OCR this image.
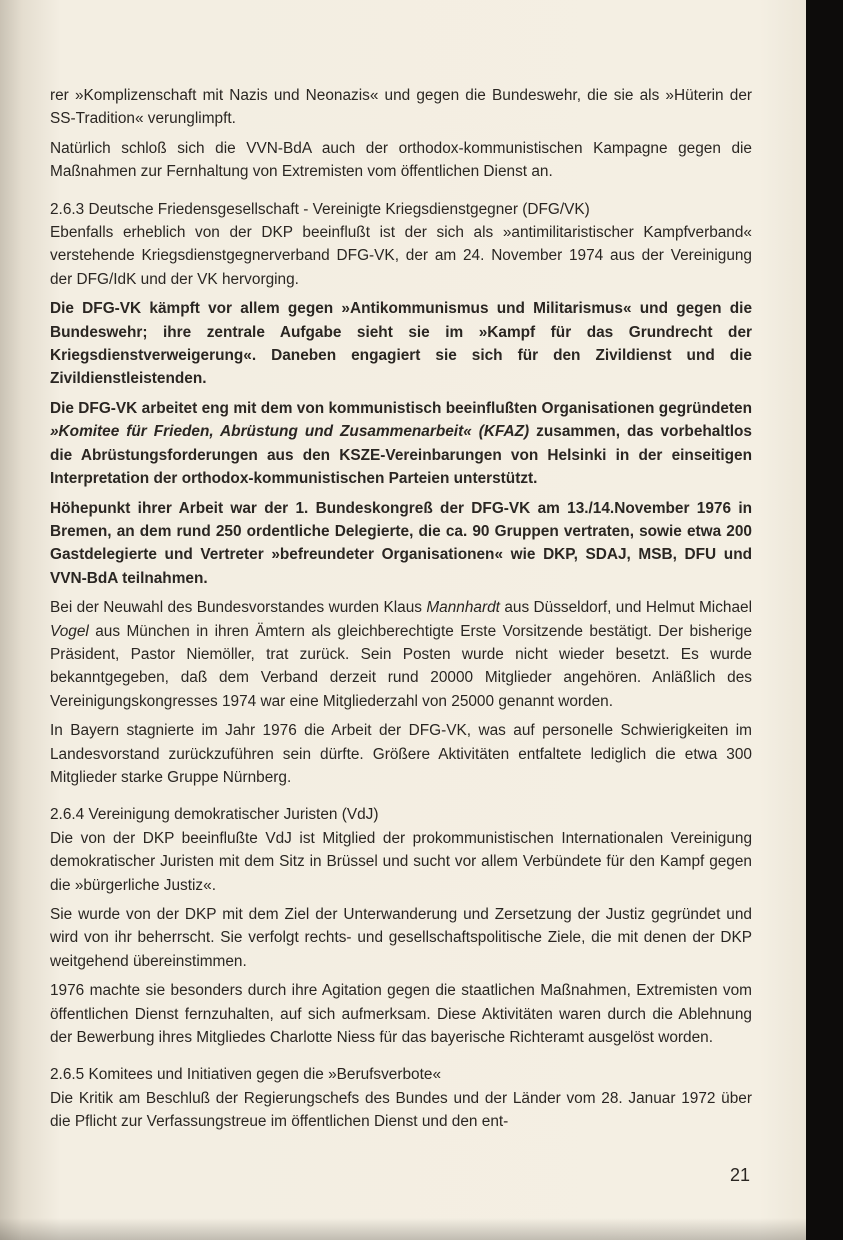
rer »Komplizenschaft mit Nazis und Neonazis« und gegen die Bundeswehr, die sie als »Hüterin der SS-Tradition« verunglimpft.

Natürlich schloß sich die VVN-BdA auch der orthodox-kommunistischen Kampagne gegen die Maßnahmen zur Fernhaltung von Extremisten vom öffentlichen Dienst an.

2.6.3 Deutsche Friedensgesellschaft - Vereinigte Kriegsdienstgegner (DFG/VK)

Ebenfalls erheblich von der DKP beeinflußt ist der sich als »antimilitaristischer Kampfverband« verstehende Kriegsdienstgegnerverband DFG-VK, der am 24. November 1974 aus der Vereinigung der DFG/IdK und der VK hervorging.

Die DFG-VK kämpft vor allem gegen »Antikommunismus und Militarismus« und gegen die Bundeswehr; ihre zentrale Aufgabe sieht sie im »Kampf für das Grundrecht der Kriegsdienstverweigerung«. Daneben engagiert sie sich für den Zivildienst und die Zivildienstleistenden.

Die DFG-VK arbeitet eng mit dem von kommunistisch beeinflußten Organisationen gegründeten »Komitee für Frieden, Abrüstung und Zusammenarbeit« (KFAZ) zusammen, das vorbehaltlos die Abrüstungsforderungen aus den KSZE-Vereinbarungen von Helsinki in der einseitigen Interpretation der orthodox-kommunistischen Parteien unterstützt.

Höhepunkt ihrer Arbeit war der 1. Bundeskongreß der DFG-VK am 13./14.November 1976 in Bremen, an dem rund 250 ordentliche Delegierte, die ca. 90 Gruppen vertraten, sowie etwa 200 Gastdelegierte und Vertreter »befreundeter Organisationen« wie DKP, SDAJ, MSB, DFU und VVN-BdA teilnahmen.

Bei der Neuwahl des Bundesvorstandes wurden Klaus Mannhardt aus Düsseldorf, und Helmut Michael Vogel aus München in ihren Ämtern als gleichberechtigte Erste Vorsitzende bestätigt. Der bisherige Präsident, Pastor Niemöller, trat zurück. Sein Posten wurde nicht wieder besetzt. Es wurde bekanntgegeben, daß dem Verband derzeit rund 20000 Mitglieder angehören. Anläßlich des Vereinigungskongresses 1974 war eine Mitgliederzahl von 25000 genannt worden.

In Bayern stagnierte im Jahr 1976 die Arbeit der DFG-VK, was auf personelle Schwierigkeiten im Landesvorstand zurückzuführen sein dürfte. Größere Aktivitäten entfaltete lediglich die etwa 300 Mitglieder starke Gruppe Nürnberg.

2.6.4 Vereinigung demokratischer Juristen (VdJ)

Die von der DKP beeinflußte VdJ ist Mitglied der prokommunistischen Internationalen Vereinigung demokratischer Juristen mit dem Sitz in Brüssel und sucht vor allem Verbündete für den Kampf gegen die »bürgerliche Justiz«.

Sie wurde von der DKP mit dem Ziel der Unterwanderung und Zersetzung der Justiz gegründet und wird von ihr beherrscht. Sie verfolgt rechts- und gesellschaftspolitische Ziele, die mit denen der DKP weitgehend übereinstimmen.

1976 machte sie besonders durch ihre Agitation gegen die staatlichen Maßnahmen, Extremisten vom öffentlichen Dienst fernzuhalten, auf sich aufmerksam. Diese Aktivitäten waren durch die Ablehnung der Bewerbung ihres Mitgliedes Charlotte Niess für das bayerische Richteramt ausgelöst worden.

2.6.5 Komitees und Initiativen gegen die »Berufsverbote«

Die Kritik am Beschluß der Regierungschefs des Bundes und der Länder vom 28. Januar 1972 über die Pflicht zur Verfassungstreue im öffentlichen Dienst und den ent-

21
